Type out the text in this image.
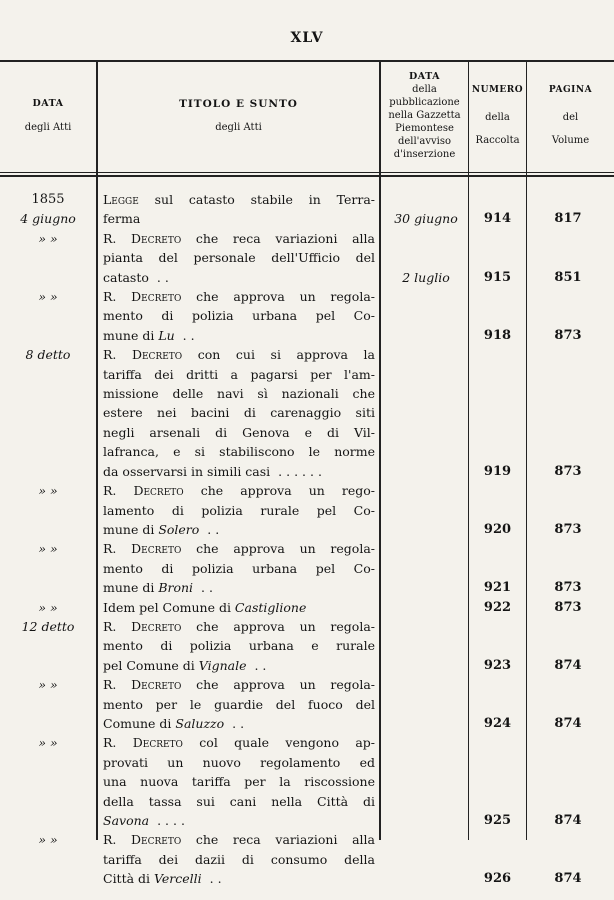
XLV
DATA
degli Atti
TITOLO E SUNTO
degli Atti
DATA
della
pubblicazione
nella Gazzetta
Piemontese
dell'avviso
d'inserzione
NUMERO
della
Raccolta
PAGINA
del
Volume
1855
4 giugno
Legge sul catasto stabile in Terra-
ferma	30 giugno	914	817
» »	R. Decreto che reca variazioni alla
pianta del personale dell'Ufficio del
catasto ..	2 luglio	915	851
» »	R. Decreto che approva un regola-
mento di polizia urbana pel Co-
mune di Lu ..	918	873
8 detto	R. Decreto con cui si approva la
tariffa dei dritti a pagarsi per l'am-
missione delle navi sì nazionali che
estere nei bacini di carenaggio siti
negli arsenali di Genova e di Vil-
lafranca, e si stabiliscono le norme
da osservarsi in simili casi ......	919	873
» »	R. Decreto che approva un rego-
lamento di polizia rurale pel Co-
mune di Solero ..	920	873
» »	R. Decreto che approva un regola-
mento di polizia urbana pel Co-
mune di Broni ..	921	873
» »	Idem pel Comune di Castiglione	922	873
12 detto	R. Decreto che approva un regola-
mento di polizia urbana e rurale
pel Comune di Vignale ..	923	874
» »	R. Decreto che approva un regola-
mento per le guardie del fuoco del
Comune di Saluzzo ..	924	874
» »	R. Decreto col quale vengono ap-
provati un nuovo regolamento ed
una nuova tariffa per la riscossione
della tassa sui cani nella Città di
Savona ....	925	874
» »	R. Decreto che reca variazioni alla
tariffa dei dazii di consumo della
Città di Vercelli ..	926	874
